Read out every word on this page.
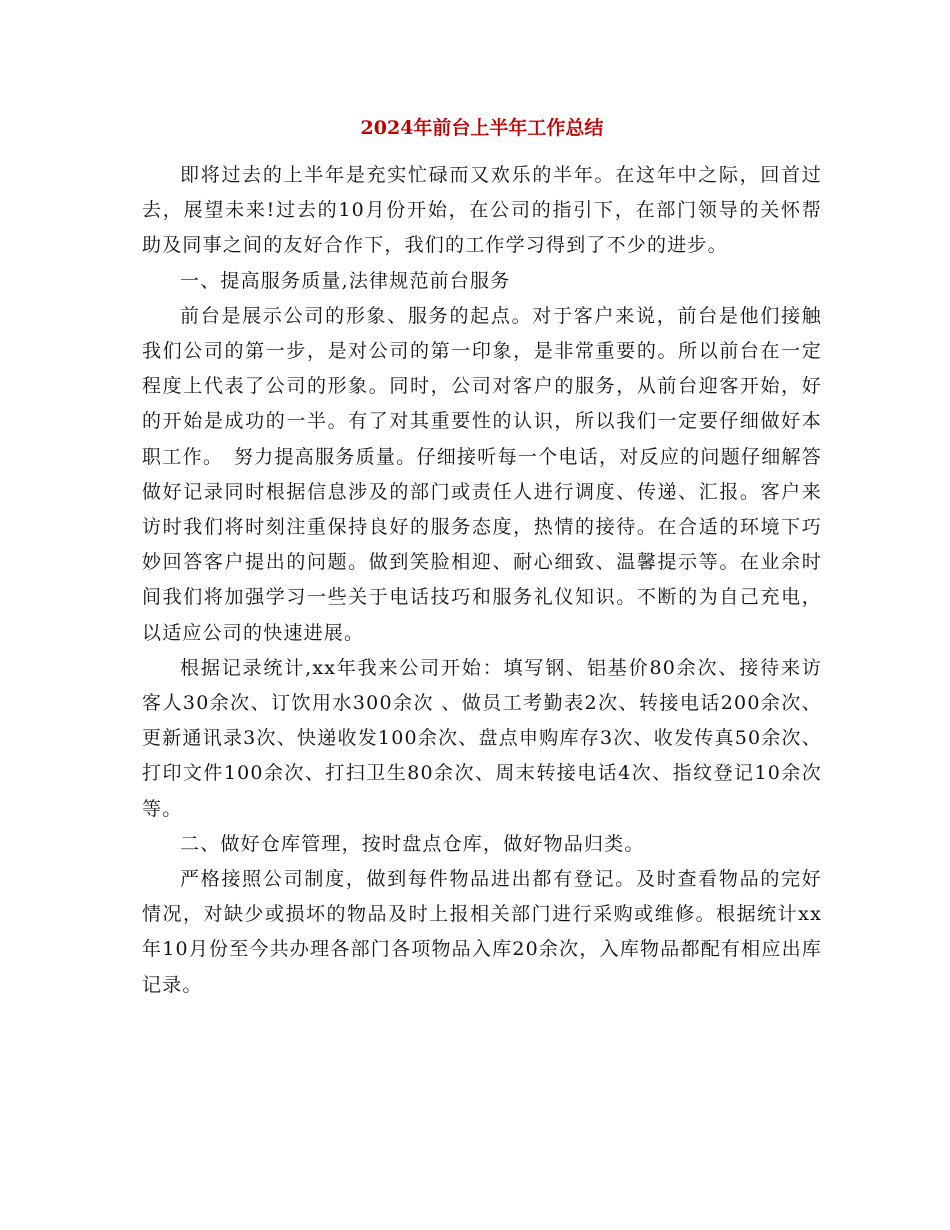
2024年前台上半年工作总结

即将过去的上半年是充实忙碌而又欢乐的半年。在这年中之际，回首过去，展望未来!过去的10月份开始，在公司的指引下，在部门领导的关怀帮助及同事之间的友好合作下，我们的工作学习得到了不少的进步。

一、提高服务质量,法律规范前台服务

前台是展示公司的形象、服务的起点。对于客户来说，前台是他们接触我们公司的第一步，是对公司的第一印象，是非常重要的。所以前台在一定程度上代表了公司的形象。同时，公司对客户的服务，从前台迎客开始，好的开始是成功的一半。有了对其重要性的认识，所以我们一定要仔细做好本职工作。　努力提高服务质量。仔细接听每一个电话，对反应的问题仔细解答做好记录同时根据信息涉及的部门或责任人进行调度、传递、汇报。客户来访时我们将时刻注重保持良好的服务态度，热情的接待。在合适的环境下巧妙回答客户提出的问题。做到笑脸相迎、耐心细致、温馨提示等。在业余时间我们将加强学习一些关于电话技巧和服务礼仪知识。不断的为自己充电，以适应公司的快速进展。

根据记录统计,xx年我来公司开始：填写钢、铝基价80余次、接待来访客人30余次、订饮用水300余次 、做员工考勤表2次、转接电话200余次、更新通讯录3次、快递收发100余次、盘点申购库存3次、收发传真50余次、打印文件100余次、打扫卫生80余次、周末转接电话4次、指纹登记10余次等。

二、做好仓库管理，按时盘点仓库，做好物品归类。

严格接照公司制度，做到每件物品进出都有登记。及时查看物品的完好情况，对缺少或损坏的物品及时上报相关部门进行采购或维修。根据统计xx年10月份至今共办理各部门各项物品入库20余次，入库物品都配有相应出库记录。
